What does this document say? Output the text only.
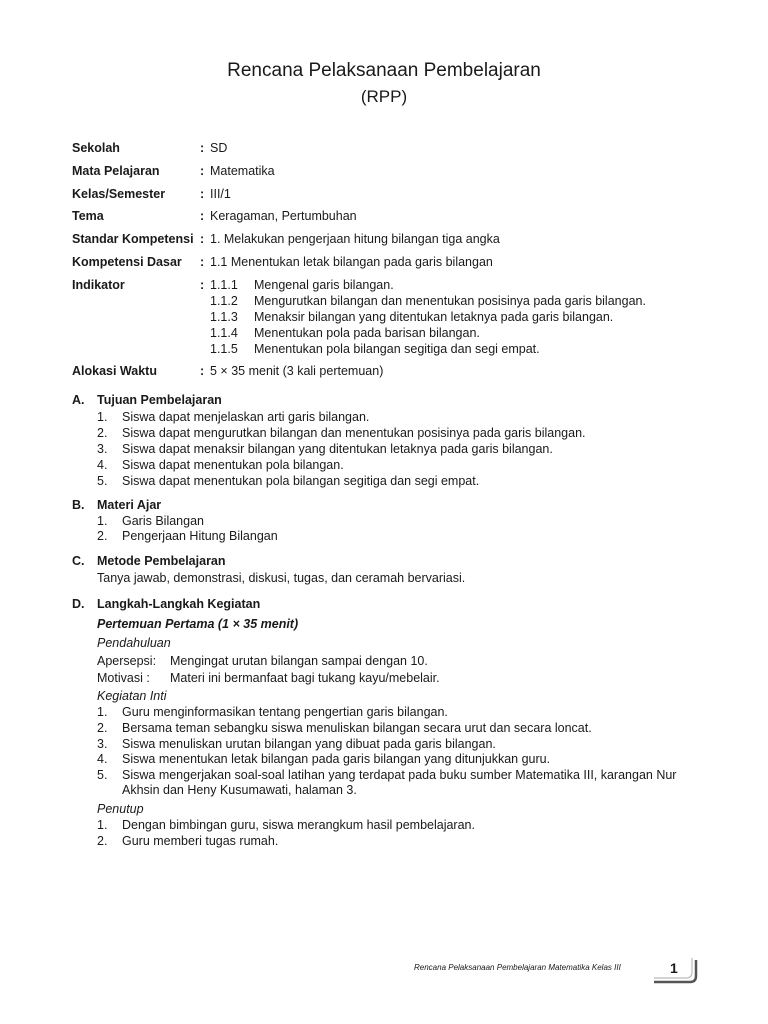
Rencana Pelaksanaan Pembelajaran
(RPP)
Sekolah	: SD
Mata Pelajaran	: Matematika
Kelas/Semester	: III/1
Tema	: Keragaman, Pertumbuhan
Standar Kompetensi : 1. Melakukan pengerjaan hitung bilangan tiga angka
Kompetensi Dasar	: 1.1 Menentukan letak bilangan pada garis bilangan
Indikator	: 1.1.1 Mengenal garis bilangan.
1.1.2 Mengurutkan bilangan dan menentukan posisinya pada garis bilangan.
1.1.3 Menaksir bilangan yang ditentukan letaknya pada garis bilangan.
1.1.4 Menentukan pola pada barisan bilangan.
1.1.5 Menentukan pola bilangan segitiga dan segi empat.
Alokasi Waktu	: 5 × 35 menit (3 kali pertemuan)
A. Tujuan Pembelajaran
1. Siswa dapat menjelaskan arti garis bilangan.
2. Siswa dapat mengurutkan bilangan dan menentukan posisinya pada garis bilangan.
3. Siswa dapat menaksir bilangan yang ditentukan letaknya pada garis bilangan.
4. Siswa dapat menentukan pola bilangan.
5. Siswa dapat menentukan pola bilangan segitiga dan segi empat.
B. Materi Ajar
1. Garis Bilangan
2. Pengerjaan Hitung Bilangan
C. Metode Pembelajaran
Tanya jawab, demonstrasi, diskusi, tugas, dan ceramah bervariasi.
D. Langkah-Langkah Kegiatan
Pertemuan Pertama (1 × 35 menit)
Pendahuluan
Apersepsi: Mengingat urutan bilangan sampai dengan 10.
Motivasi : Materi ini bermanfaat bagi tukang kayu/mebelair.
Kegiatan Inti
1. Guru menginformasikan tentang pengertian garis bilangan.
2. Bersama teman sebangku siswa menuliskan bilangan secara urut dan secara loncat.
3. Siswa menuliskan urutan bilangan yang dibuat pada garis bilangan.
4. Siswa menentukan letak bilangan pada garis bilangan yang ditunjukkan guru.
5. Siswa mengerjakan soal-soal latihan yang terdapat pada buku sumber Matematika III, karangan Nur
Akhsin dan Heny Kusumawati, halaman 3.
Penutup
1. Dengan bimbingan guru, siswa merangkum hasil pembelajaran.
2. Guru memberi tugas rumah.
Rencana Pelaksanaan Pembelajaran Matematika Kelas III	1
